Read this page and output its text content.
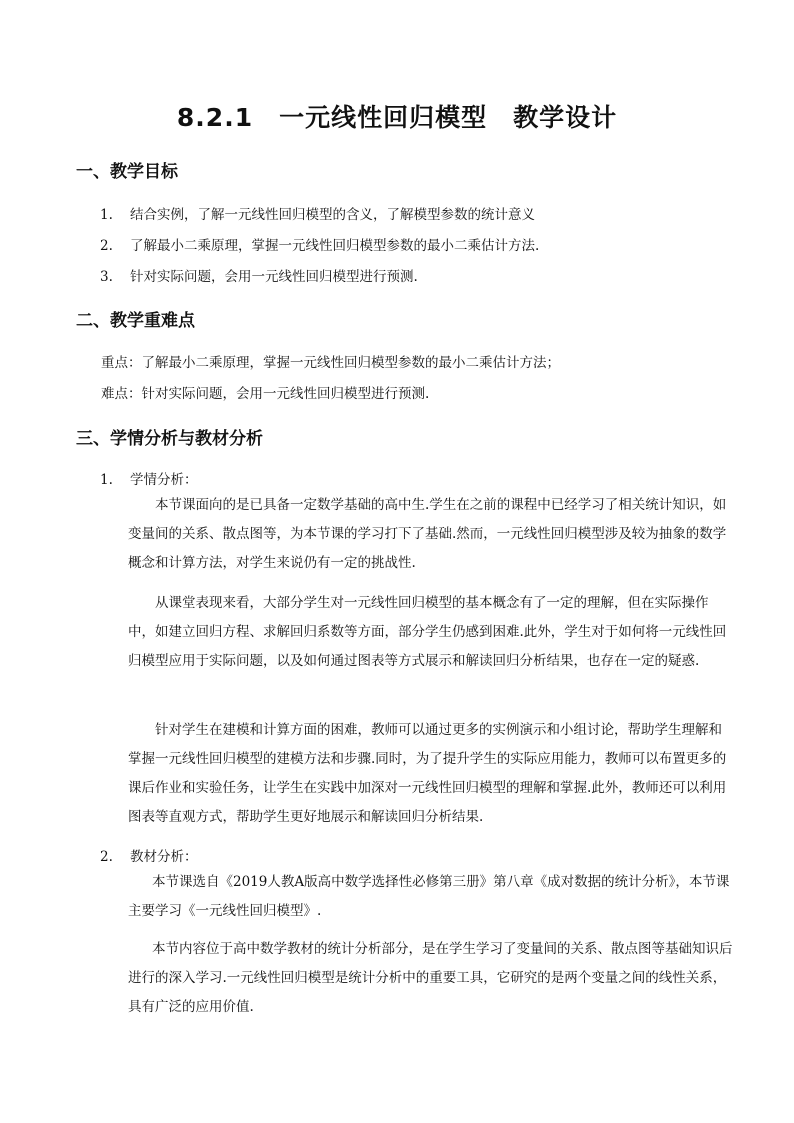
8.2.1　一元线性回归模型　教学设计
一、教学目标
1. 结合实例，了解一元线性回归模型的含义，了解模型参数的统计意义
2. 了解最小二乘原理，掌握一元线性回归模型参数的最小二乘估计方法.
3. 针对实际问题，会用一元线性回归模型进行预测.
二、教学重难点
重点：了解最小二乘原理，掌握一元线性回归模型参数的最小二乘估计方法；
难点：针对实际问题，会用一元线性回归模型进行预测.
三、学情分析与教材分析
1. 学情分析：
本节课面向的是已具备一定数学基础的高中生.学生在之前的课程中已经学习了相关统计知识，如变量间的关系、散点图等，为本节课的学习打下了基础.然而，一元线性回归模型涉及较为抽象的数学概念和计算方法，对学生来说仍有一定的挑战性.
从课堂表现来看，大部分学生对一元线性回归模型的基本概念有了一定的理解，但在实际操作中，如建立回归方程、求解回归系数等方面，部分学生仍感到困难.此外，学生对于如何将一元线性回归模型应用于实际问题，以及如何通过图表等方式展示和解读回归分析结果，也存在一定的疑惑.
针对学生在建模和计算方面的困难，教师可以通过更多的实例演示和小组讨论，帮助学生理解和掌握一元线性回归模型的建模方法和步骤.同时，为了提升学生的实际应用能力，教师可以布置更多的课后作业和实验任务，让学生在实践中加深对一元线性回归模型的理解和掌握.此外，教师还可以利用图表等直观方式，帮助学生更好地展示和解读回归分析结果.
2. 教材分析：
本节课选自《2019人教A版高中数学选择性必修第三册》第八章《成对数据的统计分析》，本节课主要学习《一元线性回归模型》.
本节内容位于高中数学教材的统计分析部分，是在学生学习了变量间的关系、散点图等基础知识后进行的深入学习.一元线性回归模型是统计分析中的重要工具，它研究的是两个变量之间的线性关系，具有广泛的应用价值.
